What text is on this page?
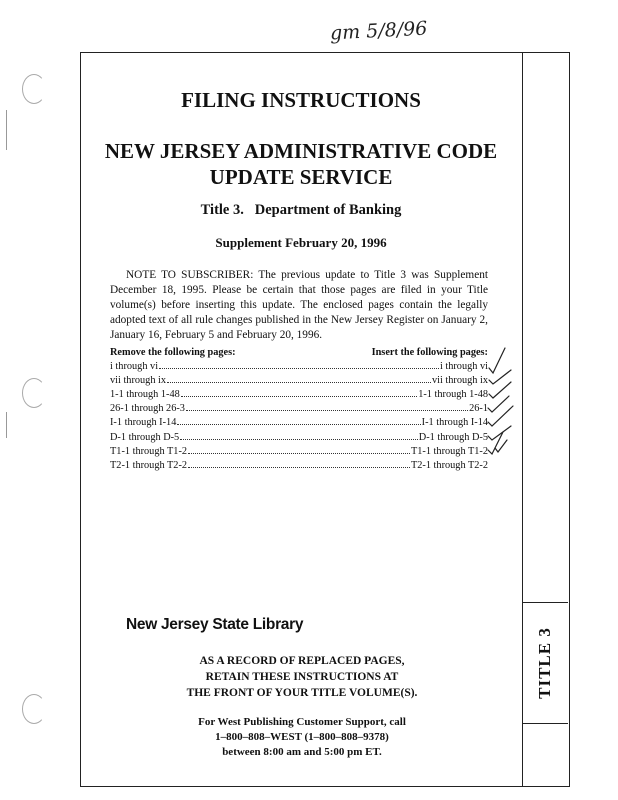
gm 5/8/96
TITLE 3
FILING INSTRUCTIONS
NEW JERSEY ADMINISTRATIVE CODE
UPDATE SERVICE
Title 3.   Department of Banking
Supplement February 20, 1996

NOTE TO SUBSCRIBER: The previous update to Title 3 was Supplement December 18, 1995. Please be certain that those pages are filed in your Title volume(s) before inserting this update. The enclosed pages contain the legally adopted text of all rule changes published in the New Jersey Register on January 2, January 16, February 5 and February 20, 1996.

Remove the following pages:	Insert the following pages:
i through vi	i through vi
vii through ix	vii through ix
1-1 through 1-48	1-1 through 1-48
26-1 through 26-3	26-1
I-1 through I-14	I-1 through I-14
D-1 through D-5	D-1 through D-5
T1-1 through T1-2	T1-1 through T1-2
T2-1 through T2-2	T2-1 through T2-2

New Jersey State Library

AS A RECORD OF REPLACED PAGES,
RETAIN THESE INSTRUCTIONS AT
THE FRONT OF YOUR TITLE VOLUME(S).
For West Publishing Customer Support, call
1–800–808–WEST (1–800–808–9378)
between 8:00 am and 5:00 pm ET.
